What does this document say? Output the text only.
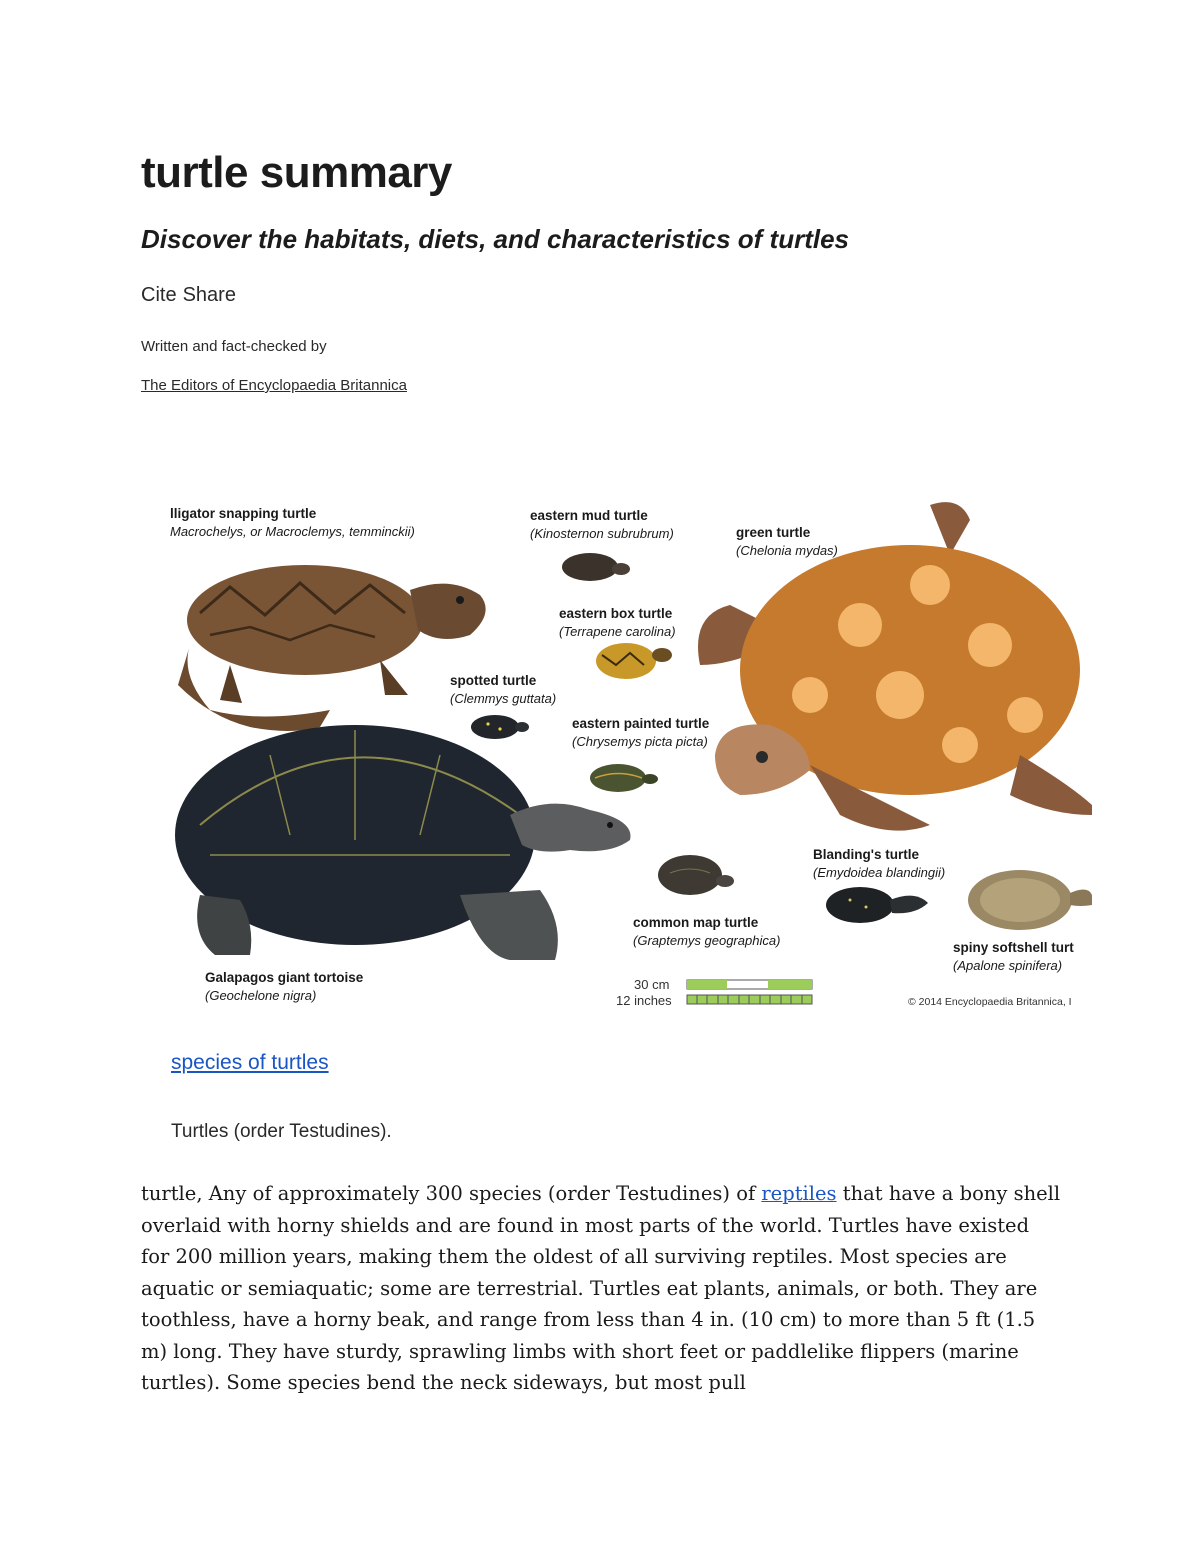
turtle summary
Discover the habitats, diets, and characteristics of turtles
Cite Share
Written and fact-checked by
The Editors of Encyclopaedia Britannica
lligator snapping turtle
Macrochelys, or Macroclemys, temminckii)
Galapagos giant tortoise
(Geochelone nigra)
eastern mud turtle
(Kinosternon subrubrum)
eastern box turtle
(Terrapene carolina)
spotted turtle
(Clemmys guttata)
eastern painted turtle
(Chrysemys picta picta)
green turtle
(Chelonia mydas)
Blanding's turtle
(Emydoidea blandingii)
spiny softshell turt
(Apalone spinifera)
common map turtle
(Graptemys geographica)
30 cm
12 inches	© 2014 Encyclopaedia Britannica, I
species of turtles
Turtles (order Testudines).

turtle, Any of approximately 300 species (order Testudines) of reptiles that have a bony shell overlaid with horny shields and are found in most parts of the world. Turtles have existed for 200 million years, making them the oldest of all surviving reptiles. Most species are aquatic or semiaquatic; some are terrestrial. Turtles eat plants, animals, or both. They are toothless, have a horny beak, and range from less than 4 in. (10 cm) to more than 5 ft (1.5 m) long. They have sturdy, sprawling limbs with short feet or paddlelike flippers (marine turtles). Some species bend the neck sideways, but most pull
